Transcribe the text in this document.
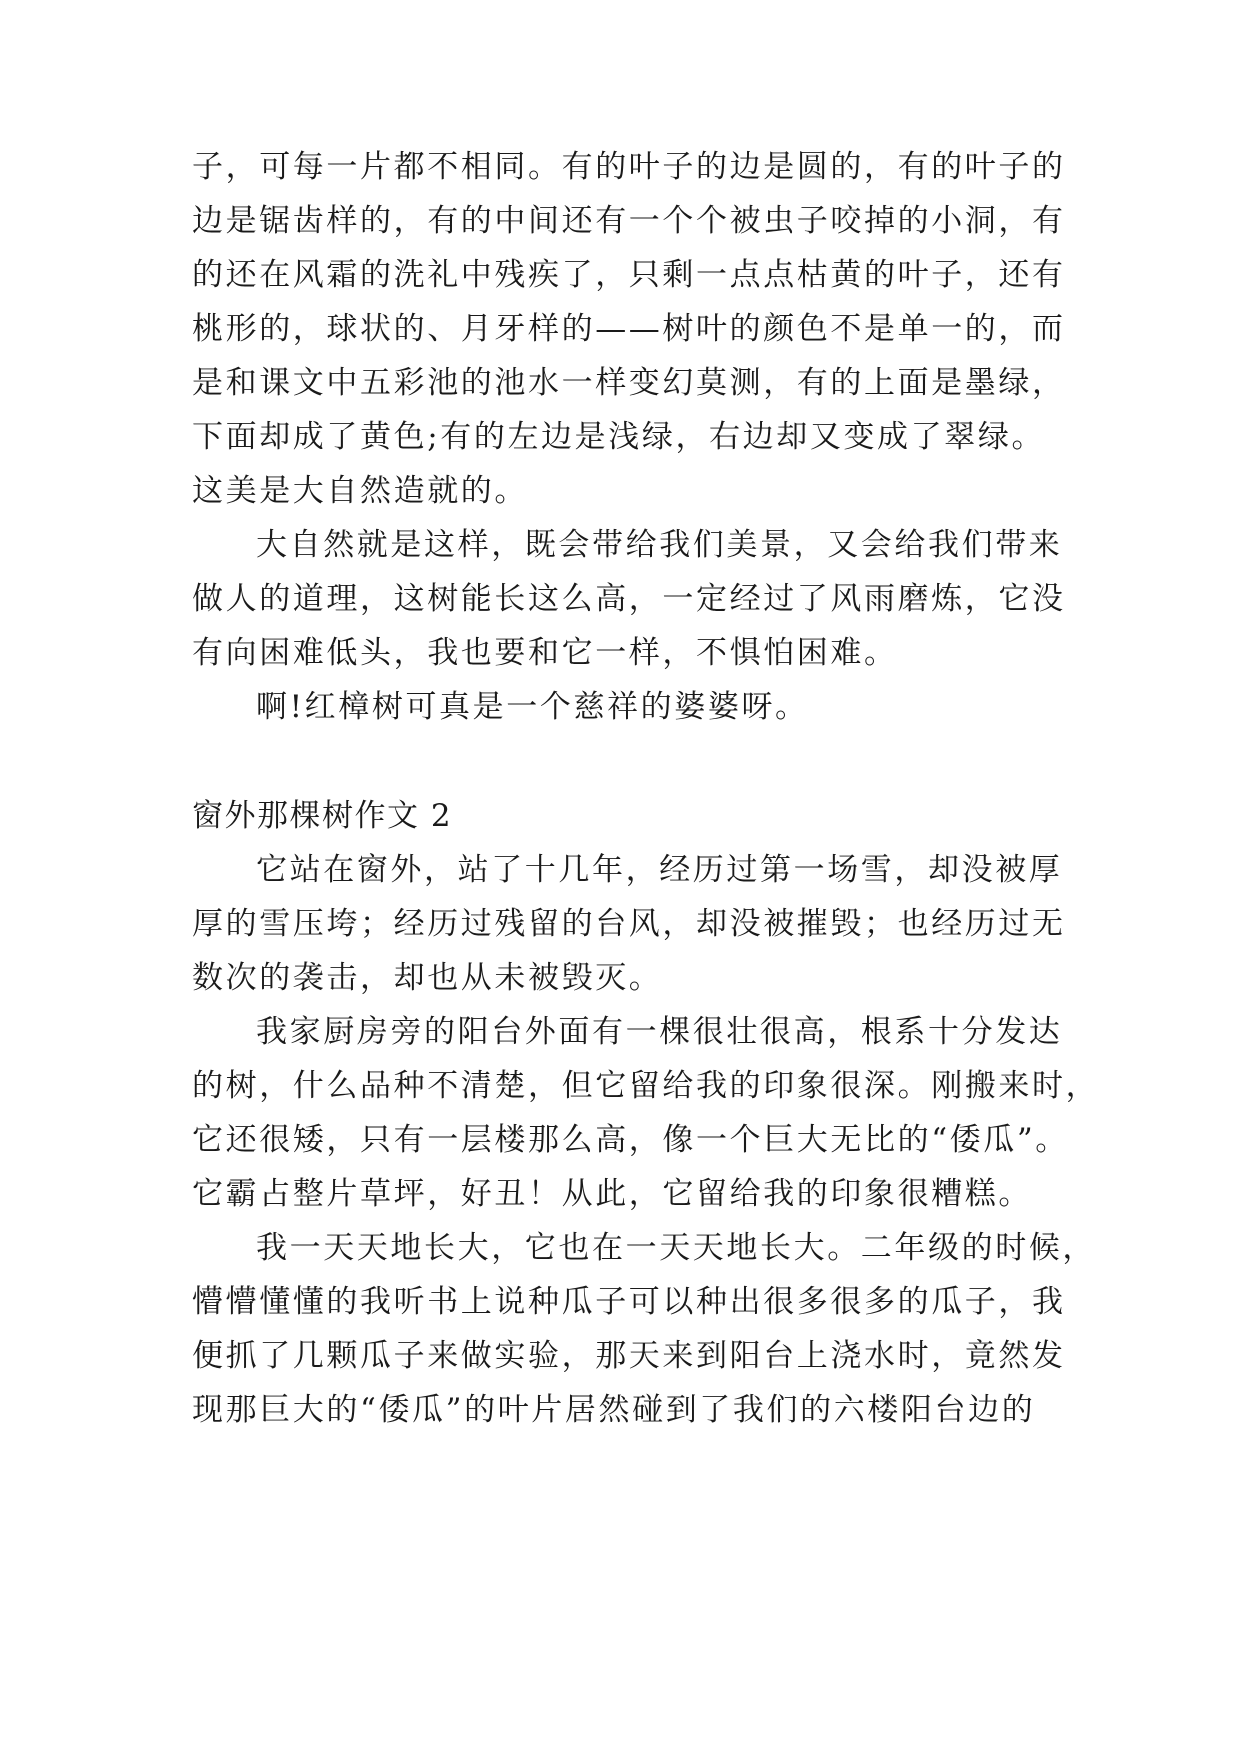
子，可每一片都不相同。有的叶子的边是圆的，有的叶子的
边是锯齿样的，有的中间还有一个个被虫子咬掉的小洞，有
的还在风霜的洗礼中残疾了，只剩一点点枯黄的叶子，还有
桃形的，球状的、月牙样的——树叶的颜色不是单一的，而
是和课文中五彩池的池水一样变幻莫测，有的上面是墨绿，
下面却成了黄色;有的左边是浅绿，右边却又变成了翠绿。
这美是大自然造就的。
大自然就是这样，既会带给我们美景，又会给我们带来
做人的道理，这树能长这么高，一定经过了风雨磨炼，它没
有向困难低头，我也要和它一样，不惧怕困难。
啊!红樟树可真是一个慈祥的婆婆呀。
窗外那棵树作文 2
它站在窗外，站了十几年，经历过第一场雪，却没被厚
厚的雪压垮；经历过残留的台风，却没被摧毁；也经历过无
数次的袭击，却也从未被毁灭。
我家厨房旁的阳台外面有一棵很壮很高，根系十分发达
的树，什么品种不清楚，但它留给我的印象很深。刚搬来时，
它还很矮，只有一层楼那么高，像一个巨大无比的“倭瓜”。
它霸占整片草坪，好丑！从此，它留给我的印象很糟糕。
我一天天地长大，它也在一天天地长大。二年级的时候，
懵懵懂懂的我听书上说种瓜子可以种出很多很多的瓜子，我
便抓了几颗瓜子来做实验，那天来到阳台上浇水时，竟然发
现那巨大的“倭瓜”的叶片居然碰到了我们的六楼阳台边的
